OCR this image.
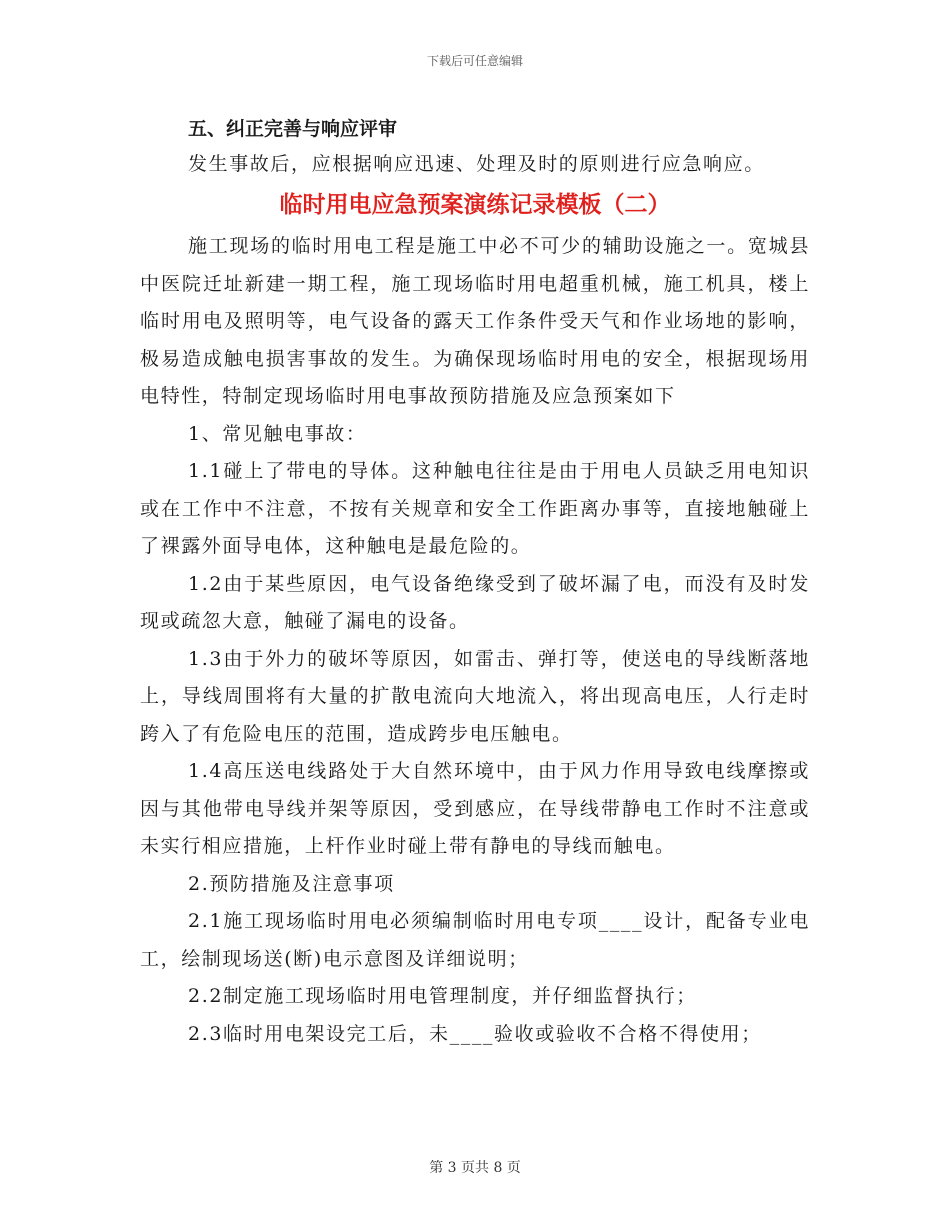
下载后可任意编辑
五、纠正完善与响应评审

发生事故后，应根据响应迅速、处理及时的原则进行应急响应。

临时用电应急预案演练记录模板（二）

施工现场的临时用电工程是施工中必不可少的辅助设施之一。宽城县中医院迁址新建一期工程，施工现场临时用电超重机械，施工机具，楼上临时用电及照明等，电气设备的露天工作条件受天气和作业场地的影响，极易造成触电损害事故的发生。为确保现场临时用电的安全，根据现场用电特性，特制定现场临时用电事故预防措施及应急预案如下

1、常见触电事故：

1.1碰上了带电的导体。这种触电往往是由于用电人员缺乏用电知识或在工作中不注意，不按有关规章和安全工作距离办事等，直接地触碰上了裸露外面导电体，这种触电是最危险的。

1.2由于某些原因，电气设备绝缘受到了破坏漏了电，而没有及时发现或疏忽大意，触碰了漏电的设备。

1.3由于外力的破坏等原因，如雷击、弹打等，使送电的导线断落地上，导线周围将有大量的扩散电流向大地流入，将出现高电压，人行走时跨入了有危险电压的范围，造成跨步电压触电。

1.4高压送电线路处于大自然环境中，由于风力作用导致电线摩擦或因与其他带电导线并架等原因，受到感应，在导线带静电工作时不注意或未实行相应措施，上杆作业时碰上带有静电的导线而触电。

2.预防措施及注意事项

2.1施工现场临时用电必须编制临时用电专项____设计，配备专业电工，绘制现场送(断)电示意图及详细说明；

2.2制定施工现场临时用电管理制度，并仔细监督执行；

2.3临时用电架设完工后，未____验收或验收不合格不得使用；

第 3 页共 8 页
